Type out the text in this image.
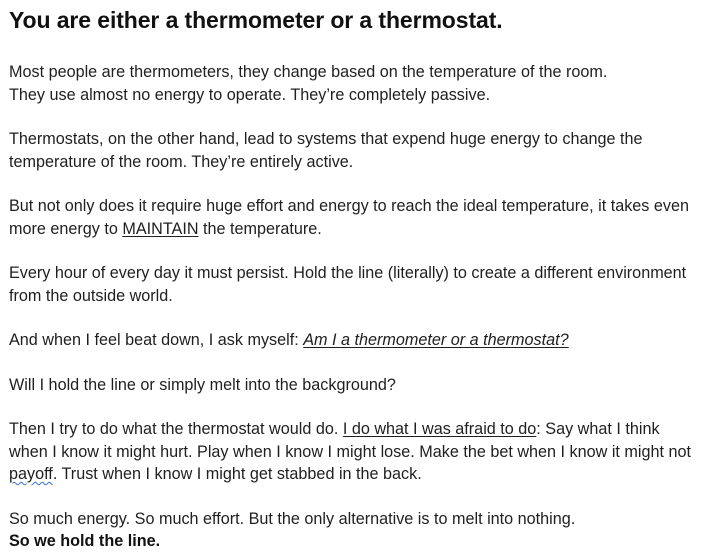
You are either a thermometer or a thermostat.

Most people are thermometers, they change based on the temperature of the room.
They use almost no energy to operate. They’re completely passive.

Thermostats, on the other hand, lead to systems that expend huge energy to change the temperature of the room. They’re entirely active.

But not only does it require huge effort and energy to reach the ideal temperature, it takes even more energy to MAINTAIN the temperature.

Every hour of every day it must persist. Hold the line (literally) to create a different environment from the outside world.

And when I feel beat down, I ask myself: Am I a thermometer or a thermostat?

Will I hold the line or simply melt into the background?

Then I try to do what the thermostat would do. I do what I was afraid to do: Say what I think when I know it might hurt. Play when I know I might lose. Make the bet when I know it might not payoff. Trust when I know I might get stabbed in the back.

So much energy. So much effort. But the only alternative is to melt into nothing.
So we hold the line.
